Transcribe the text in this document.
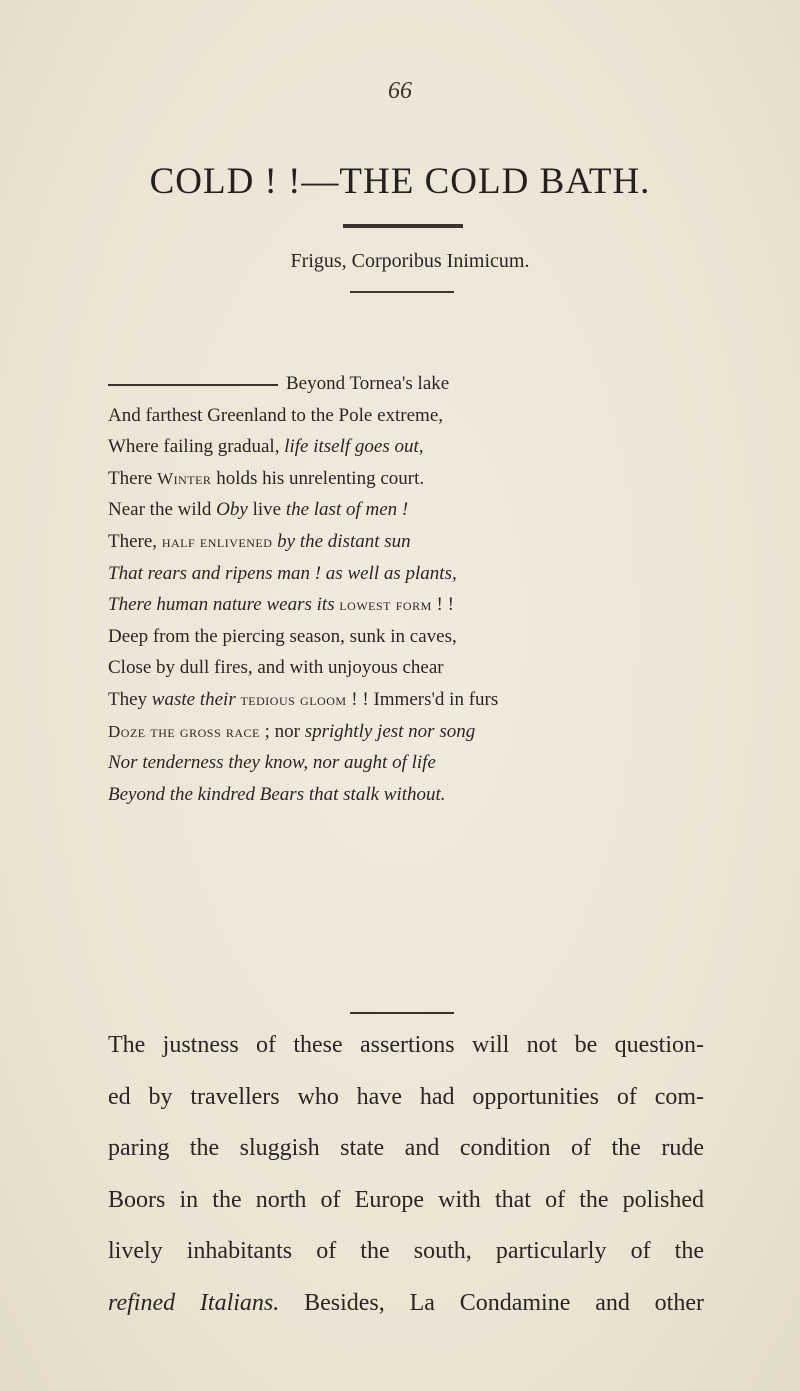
66
COLD ! !—THE COLD BATH.
Frigus, Corporibus Inimicum.
Beyond Tornea's lake
And farthest Greenland to the Pole extreme,
Where failing gradual, life itself goes out,
There Winter holds his unrelenting court.
Near the wild Oby live the last of men !
There, half enlivened by the distant sun
That rears and ripens man ! as well as plants,
There human nature wears its lowest form ! !
Deep from the piercing season, sunk in caves,
Close by dull fires, and with unjoyous chear
They waste their tedious gloom ! ! Immers'd in furs
Doze the gross race ; nor sprightly jest nor song
Nor tenderness they know, nor aught of life
Beyond the kindred Bears that stalk without.
The justness of these assertions will not be question-
ed by travellers who have had opportunities of com-
paring the sluggish state and condition of the rude
Boors in the north of Europe with that of the polished
lively inhabitants of the south, particularly of the
refined Italians. Besides, La Condamine and other
